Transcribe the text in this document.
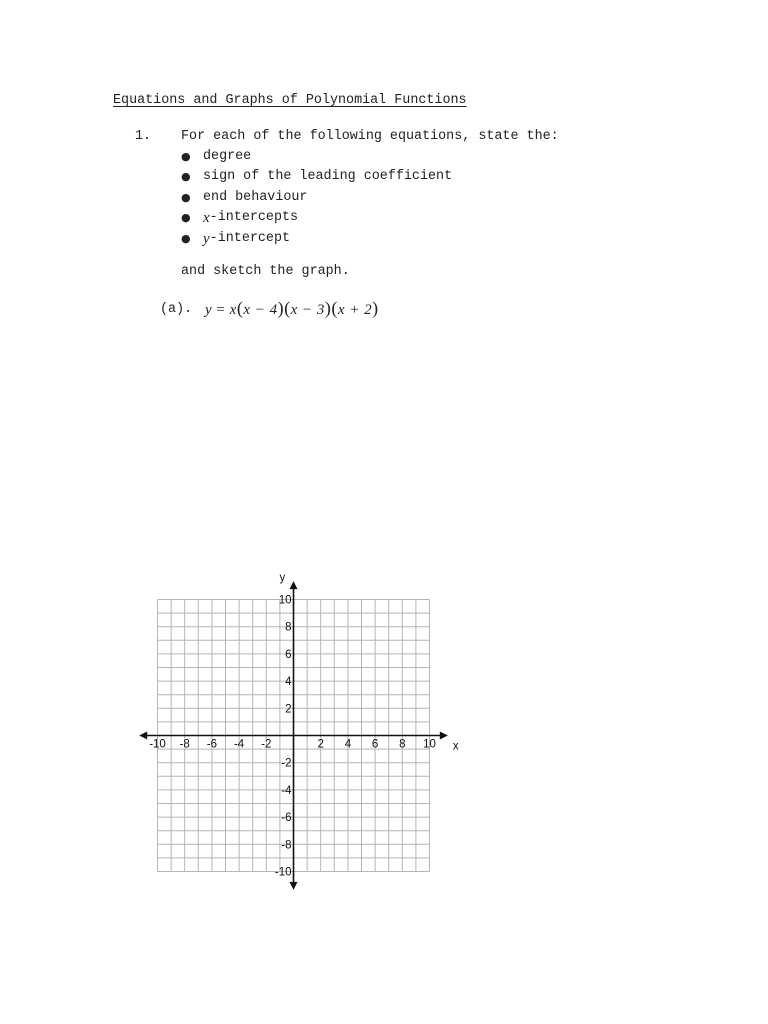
Equations and Graphs of Polynomial Functions
1. For each of the following equations, state the:
● degree
● sign of the leading coefficient
● end behaviour
● x -intercepts
● y -intercept
and sketch the graph.
(a). y = x(x − 4)(x − 3)(x + 2)
-10 -8 -6 -4 -2	2 4 6 8 10
10
8
6
4
2
-2
-4
-6
-8
-10
x
y
